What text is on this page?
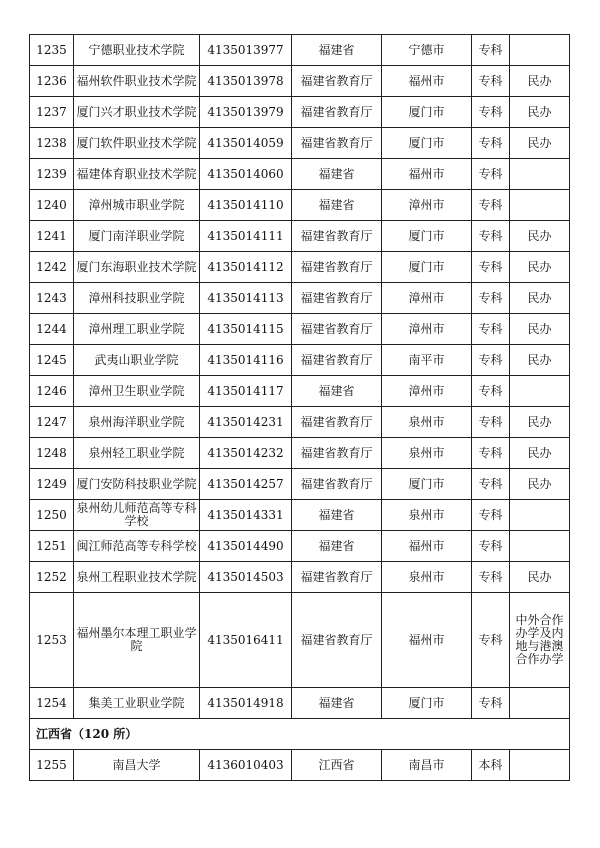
1235	宁德职业技术学院	4135013977	福建省	宁德市	专科	
1236	福州软件职业技术学院	4135013978	福建省教育厅	福州市	专科	民办
1237	厦门兴才职业技术学院	4135013979	福建省教育厅	厦门市	专科	民办
1238	厦门软件职业技术学院	4135014059	福建省教育厅	厦门市	专科	民办
1239	福建体育职业技术学院	4135014060	福建省	福州市	专科	
1240	漳州城市职业学院	4135014110	福建省	漳州市	专科	
1241	厦门南洋职业学院	4135014111	福建省教育厅	厦门市	专科	民办
1242	厦门东海职业技术学院	4135014112	福建省教育厅	厦门市	专科	民办
1243	漳州科技职业学院	4135014113	福建省教育厅	漳州市	专科	民办
1244	漳州理工职业学院	4135014115	福建省教育厅	漳州市	专科	民办
1245	武夷山职业学院	4135014116	福建省教育厅	南平市	专科	民办
1246	漳州卫生职业学院	4135014117	福建省	漳州市	专科	
1247	泉州海洋职业学院	4135014231	福建省教育厅	泉州市	专科	民办
1248	泉州轻工职业学院	4135014232	福建省教育厅	泉州市	专科	民办
1249	厦门安防科技职业学院	4135014257	福建省教育厅	厦门市	专科	民办
1250	泉州幼儿师范高等专科学校	4135014331	福建省	泉州市	专科	
1251	闽江师范高等专科学校	4135014490	福建省	福州市	专科	
1252	泉州工程职业技术学院	4135014503	福建省教育厅	泉州市	专科	民办
1253	福州墨尔本理工职业学院	4135016411	福建省教育厅	福州市	专科	中外合作办学及内地与港澳合作办学
1254	集美工业职业学院	4135014918	福建省	厦门市	专科	
江西省（120 所）						
1255	南昌大学	4136010403	江西省	南昌市	本科	
